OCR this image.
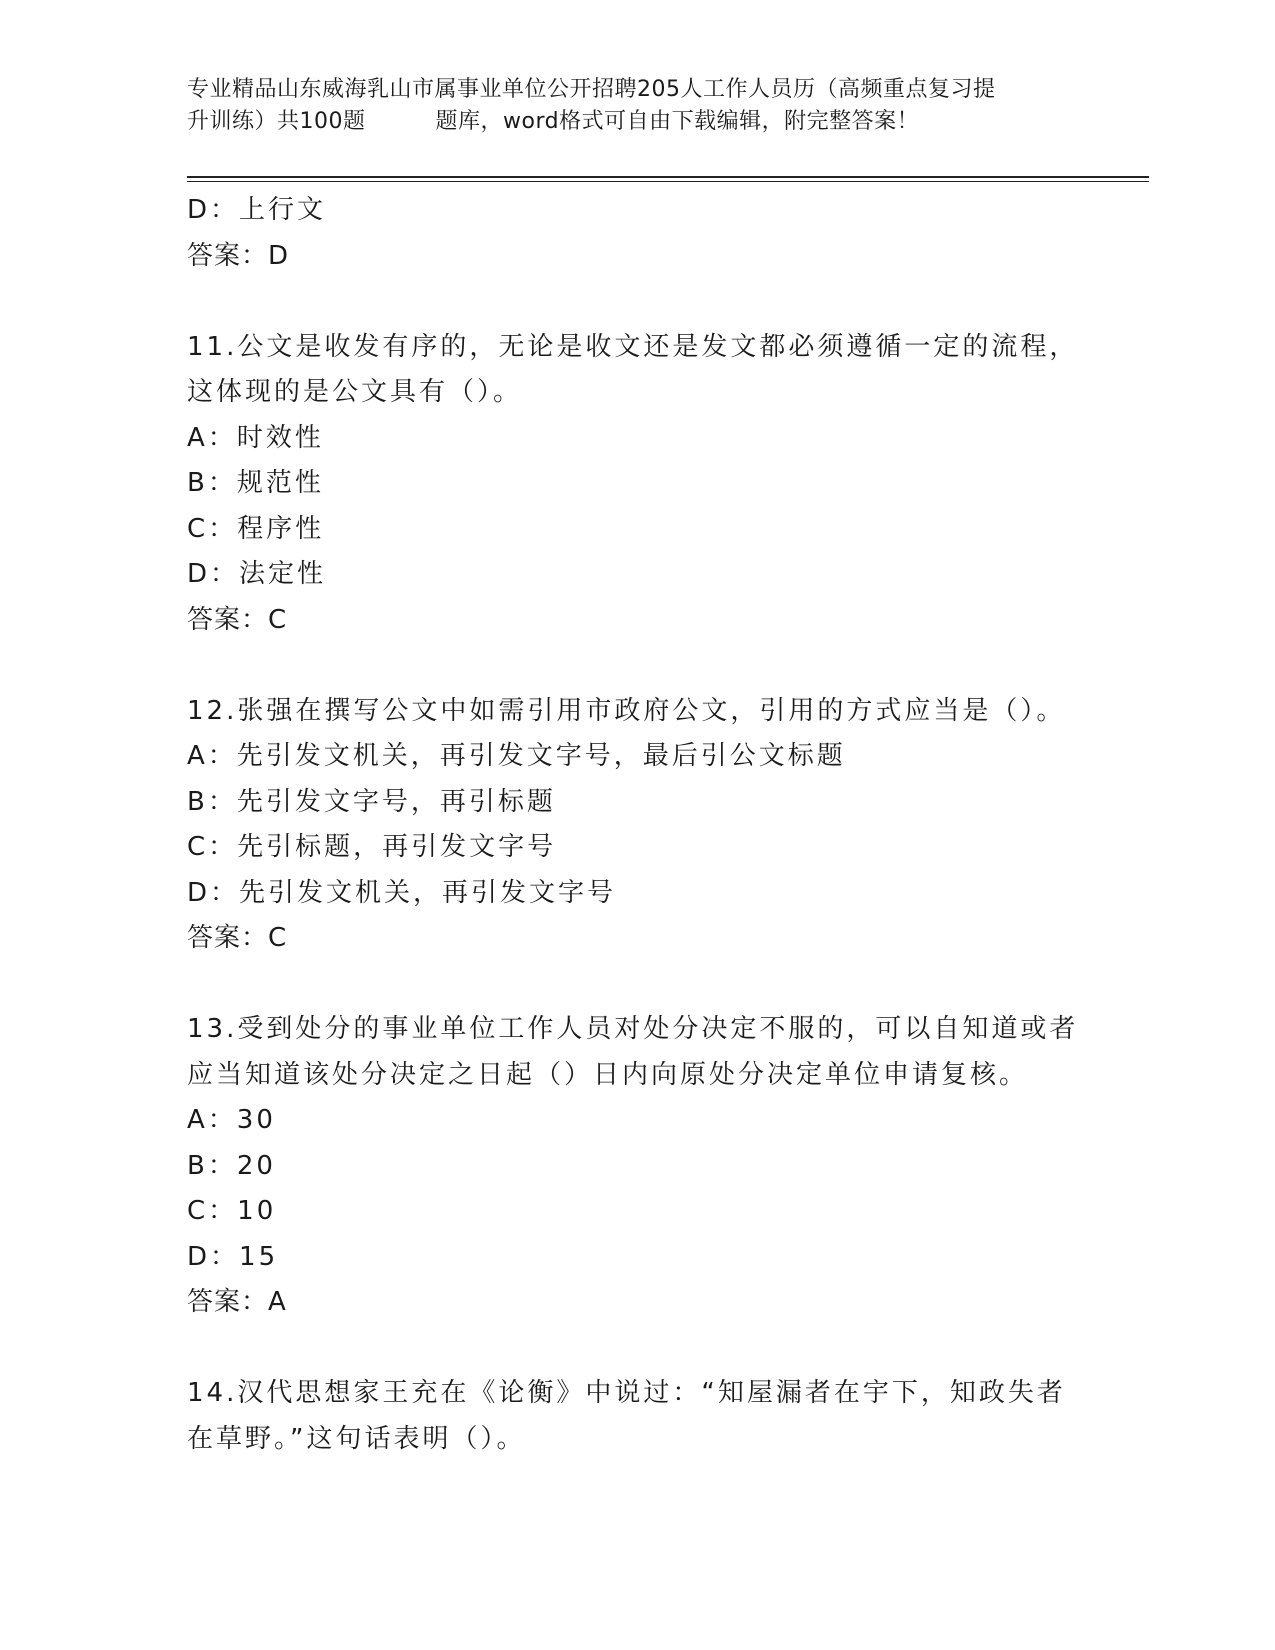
专业精品山东威海乳山市属事业单位公开招聘205人工作人员历（高频重点复习提
升训练）共100题	题库，word格式可自由下载编辑，附完整答案！
D：上行文
答案：D
11.公文是收发有序的，无论是收文还是发文都必须遵循一定的流程，
这体现的是公文具有（）。
A：时效性
B：规范性
C：程序性
D：法定性
答案：C
12.张强在撰写公文中如需引用市政府公文，引用的方式应当是（）。
A：先引发文机关，再引发文字号，最后引公文标题
B：先引发文字号，再引标题
C：先引标题，再引发文字号
D：先引发文机关，再引发文字号
答案：C
13.受到处分的事业单位工作人员对处分决定不服的，可以自知道或者
应当知道该处分决定之日起（）日内向原处分决定单位申请复核。
A：30
B：20
C：10
D：15
答案：A
14.汉代思想家王充在《论衡》中说过：“知屋漏者在宇下，知政失者
在草野。”这句话表明（）。
